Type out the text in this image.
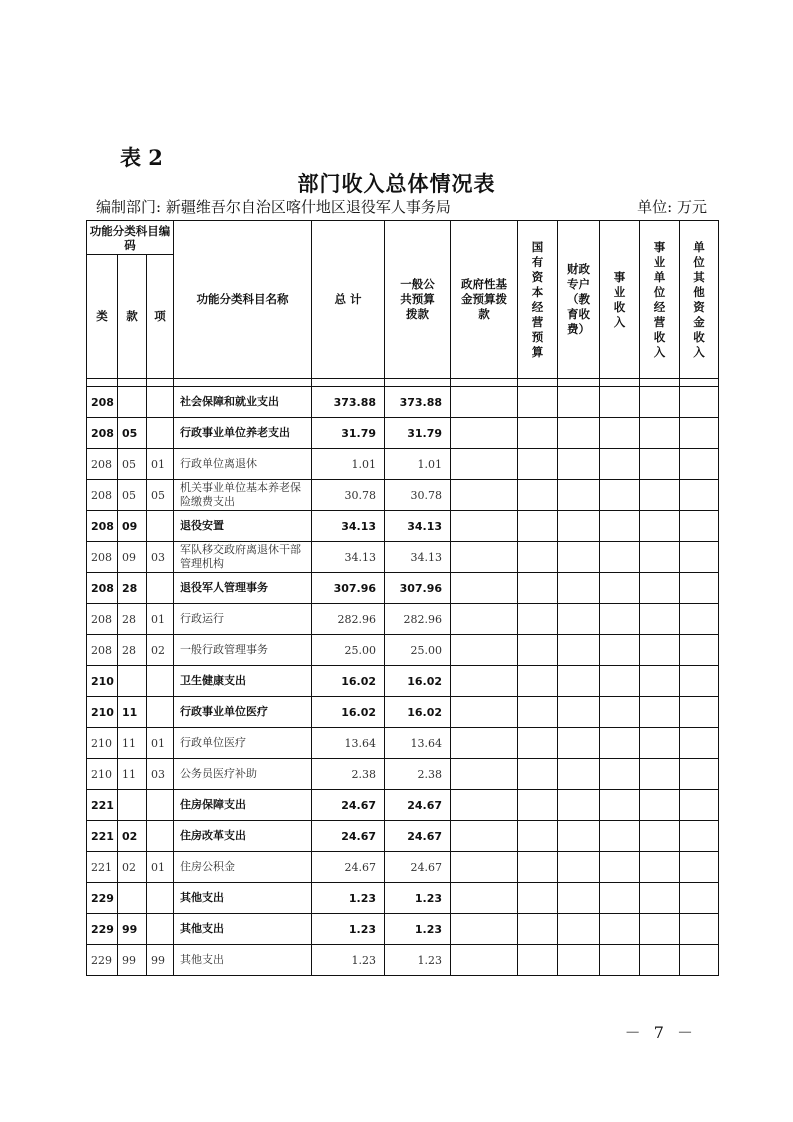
表 2
部门收入总体情况表
编制部门: 新疆维吾尔自治区喀什地区退役军人事务局	单位: 万元
功能分类科目编码			功能分类科目名称	总 计	一般公共预算拨款	政府性基金预算拨款	国有资本经营预算	财政专户（教育收费）	事业收入	事业单位经营收入	单位其他资金收入

类	款	项									

208			社会保障和就业支出	373.88	373.88						
208	05		行政事业单位养老支出	31.79	31.79						
208	05	01	行政单位离退休	1.01	1.01						
208	05	05	机关事业单位基本养老保险缴费支出	30.78	30.78						
208	09		退役安置	34.13	34.13						
208	09	03	军队移交政府离退休干部管理机构	34.13	34.13						
208	28		退役军人管理事务	307.96	307.96						
208	28	01	行政运行	282.96	282.96						
208	28	02	一般行政管理事务	25.00	25.00						
210			卫生健康支出	16.02	16.02						
210	11		行政事业单位医疗	16.02	16.02						
210	11	01	行政单位医疗	13.64	13.64						
210	11	03	公务员医疗补助	2.38	2.38						
221			住房保障支出	24.67	24.67						
221	02		住房改革支出	24.67	24.67						
221	02	01	住房公积金	24.67	24.67						
229			其他支出	1.23	1.23						
229	99		其他支出	1.23	1.23						
229	99	99	其他支出	1.23	1.23						
－ 7 －
